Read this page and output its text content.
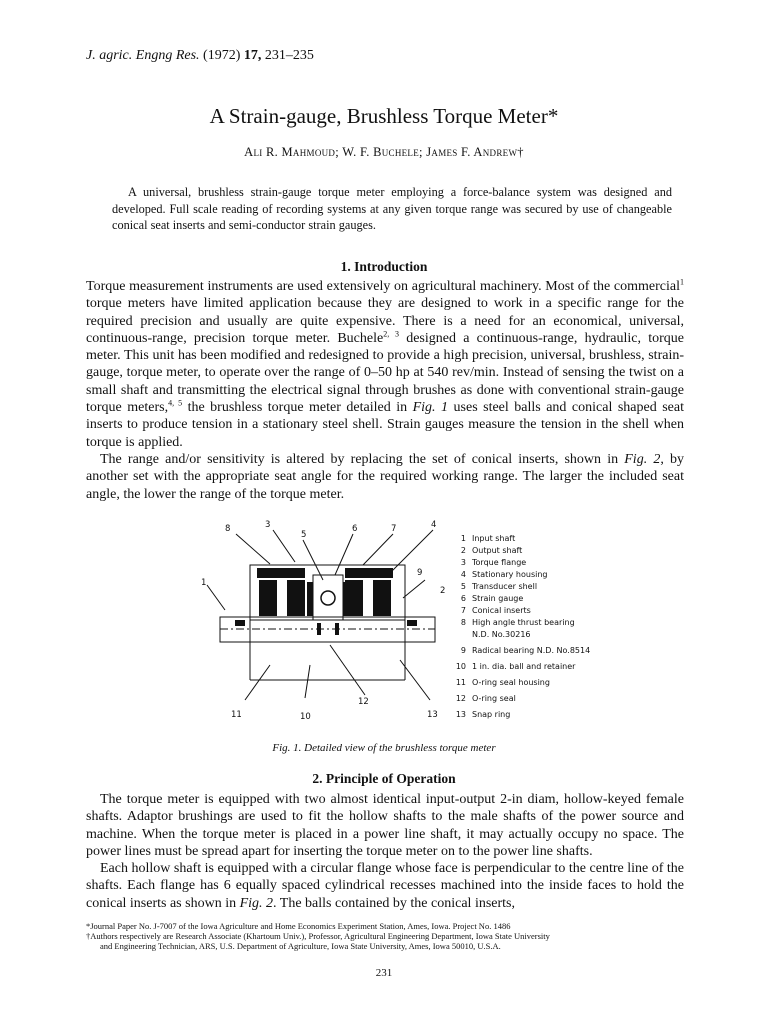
J. agric. Engng Res. (1972) 17, 231–235
A Strain-gauge, Brushless Torque Meter*
Ali R. Mahmoud; W. F. Buchele; James F. Andrew†
A universal, brushless strain-gauge torque meter employing a force-balance system was designed and developed. Full scale reading of recording systems at any given torque range was secured by use of changeable conical seat inserts and semi-conductor strain gauges.
1. Introduction

Torque measurement instruments are used extensively on agricultural machinery. Most of the commercial$^1$ torque meters have limited application because they are designed to work in a specific range for the required precision and usually are quite expensive. There is a need for an economical, universal, continuous-range, precision torque meter. Buchele$^{2, 3}$ designed a continuous-range, hydraulic, torque meter. This unit has been modified and redesigned to provide a high precision, universal, brushless, strain-gauge, torque meter, to operate over the range of 0–50 hp at 540 rev/min. Instead of sensing the twist on a small shaft and transmitting the electrical signal through brushes as done with conventional strain-gauge torque meters,$^{4, 5}$ the brushless torque meter detailed in Fig. 1 uses steel balls and conical shaped seat inserts to produce tension in a stationary steel shell. Strain gauges measure the tension in the shell when torque is applied.

The range and/or sensitivity is altered by replacing the set of conical inserts, shown in Fig. 2, by another set with the appropriate seat angle for the required working range. The larger the included seat angle, the lower the range of the torque meter.

8	3
5
6	7	4
1
9
2
12
11	10	13
1 Input shaft
2 Output shaft
3 Torque flange
4 Stationary housing
5 Transducer shell
6 Strain gauge
7 Conical inserts
8 High angle thrust bearing N.D. No.30216
9 Radical bearing N.D. No.8514
10 1 in. dia. ball and retainer
11 O-ring seal housing
12 O-ring seal
13 Snap ring
Fig. 1. Detailed view of the brushless torque meter
2. Principle of Operation

The torque meter is equipped with two almost identical input-output 2-in diam, hollow-keyed female shafts. Adaptor brushings are used to fit the hollow shafts to the male shafts of the power source and machine. When the torque meter is placed in a power line shaft, it may actually occupy no space. The power lines must be spread apart for inserting the torque meter on to the power line shafts.

Each hollow shaft is equipped with a circular flange whose face is perpendicular to the centre line of the shafts. Each flange has 6 equally spaced cylindrical recesses machined into the inside faces to hold the conical inserts as shown in Fig. 2. The balls contained by the conical inserts,

*Journal Paper No. J-7007 of the Iowa Agriculture and Home Economics Experiment Station, Ames, Iowa. Project No. 1486
†Authors respectively are Research Associate (Khartoum Univ.), Professor, Agricultural Engineering Department, Iowa State University
and Engineering Technician, ARS, U.S. Department of Agriculture, Iowa State University, Ames, Iowa 50010, U.S.A.
231
